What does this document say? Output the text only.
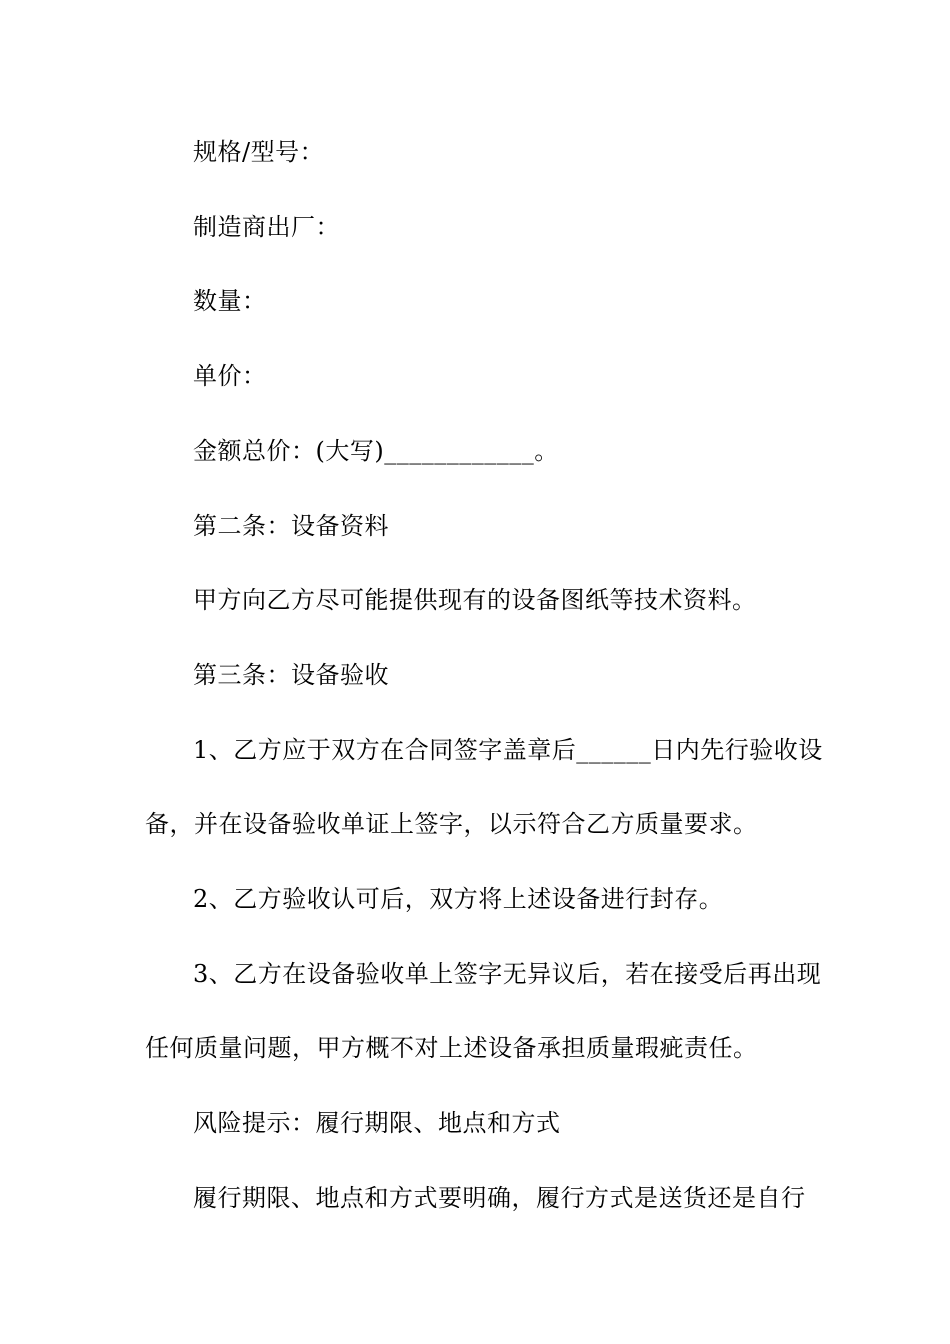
规格/型号：
制造商出厂：
数量：
单价：
金额总价：(大写)____________。
第二条：设备资料
甲方向乙方尽可能提供现有的设备图纸等技术资料。
第三条：设备验收
1、乙方应于双方在合同签字盖章后______日内先行验收设
备，并在设备验收单证上签字，以示符合乙方质量要求。
2、乙方验收认可后，双方将上述设备进行封存。
3、乙方在设备验收单上签字无异议后，若在接受后再出现
任何质量问题，甲方概不对上述设备承担质量瑕疵责任。
风险提示：履行期限、地点和方式
履行期限、地点和方式要明确，履行方式是送货还是自行
